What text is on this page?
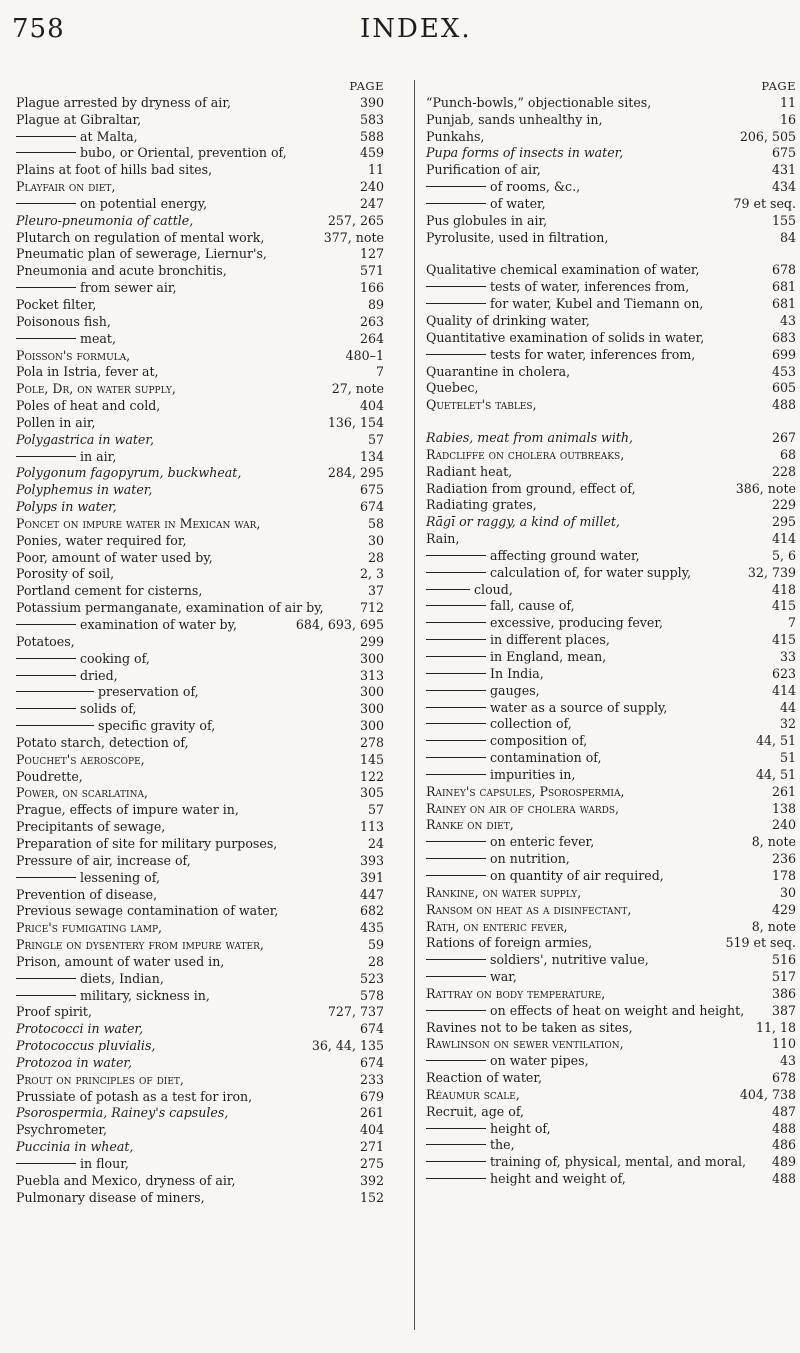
758	INDEX.
PAGE
Plague arrested by dryness of air,	390
Plague at Gibraltar,	583
at Malta,	588
bubo, or Oriental, prevention of,	459
Plains at foot of hills bad sites,	11
Playfair on diet,	240
on potential energy,	247
Pleuro-pneumonia of cattle,	257, 265
Plutarch on regulation of mental work,	377, note
Pneumatic plan of sewerage, Liernur's,	127
Pneumonia and acute bronchitis,	571
from sewer air,	166
Pocket filter,	89
Poisonous fish,	263
meat,	264
Poisson's formula,	480–1
Pola in Istria, fever at,	7
Pole, Dr, on water supply,	27, note
Poles of heat and cold,	404
Pollen in air,	136, 154
Polygastrica in water,	57
in air,	134
Polygonum fagopyrum, buckwheat,	284, 295
Polyphemus in water,	675
Polyps in water,	674
Poncet on impure water in Mexican war,	58
Ponies, water required for,	30
Poor, amount of water used by,	28
Porosity of soil,	2, 3
Portland cement for cisterns,	37
Potassium permanganate, examination of air by,	712
examination of water by,	684, 693, 695
Potatoes,	299
cooking of,	300
dried,	313
preservation of,	300
solids of,	300
specific gravity of,	300
Potato starch, detection of,	278
Pouchet's aeroscope,	145
Poudrette,	122
Power, on scarlatina,	305
Prague, effects of impure water in,	57
Precipitants of sewage,	113
Preparation of site for military purposes,	24
Pressure of air, increase of,	393
lessening of,	391
Prevention of disease,	447
Previous sewage contamination of water,	682
Price's fumigating lamp,	435
Pringle on dysentery from impure water,	59
Prison, amount of water used in,	28
diets, Indian,	523
military, sickness in,	578
Proof spirit,	727, 737
Protococci in water,	674
Protococcus pluvialis,	36, 44, 135
Protozoa in water,	674
Prout on principles of diet,	233
Prussiate of potash as a test for iron,	679
Psorospermia, Rainey's capsules,	261
Psychrometer,	404
Puccinia in wheat,	271
in flour,	275
Puebla and Mexico, dryness of air,	392
Pulmonary disease of miners,	152
PAGE
“Punch-bowls,” objectionable sites,	11
Punjab, sands unhealthy in,	16
Punkahs,	206, 505
Pupa forms of insects in water,	675
Purification of air,	431
of rooms, &c.,	434
of water,	79 et seq.
Pus globules in air,	155
Pyrolusite, used in filtration,	84
Qualitative chemical examination of water,	678
tests of water, inferences from,	681
for water, Kubel and Tiemann on,	681
Quality of drinking water,	43
Quantitative examination of solids in water,	683
tests for water, inferences from,	699
Quarantine in cholera,	453
Quebec,	605
Quetelet's tables,	488
Rabies, meat from animals with,	267
Radcliffe on cholera outbreaks,	68
Radiant heat,	228
Radiation from ground, effect of,	386, note
Radiating grates,	229
Rāgī or raggy, a kind of millet,	295
Rain,	414
affecting ground water,	5, 6
calculation of, for water supply,	32, 739
cloud,	418
fall, cause of,	415
excessive, producing fever,	7
in different places,	415
in England, mean,	33
In India,	623
gauges,	414
water as a source of supply,	44
collection of,	32
composition of,	44, 51
contamination of,	51
impurities in,	44, 51
Rainey's capsules, Psorospermia,	261
Rainey on air of cholera wards,	138
Ranke on diet,	240
on enteric fever,	8, note
on nutrition,	236
on quantity of air required,	178
Rankine, on water supply,	30
Ransom on heat as a disinfectant,	429
Rath, on enteric fever,	8, note
Rations of foreign armies,	519 et seq.
soldiers', nutritive value,	516
war,	517
Rattray on body temperature,	386
on effects of heat on weight and height,	387
Ravines not to be taken as sites,	11, 18
Rawlinson on sewer ventilation,	110
on water pipes,	43
Reaction of water,	678
Réaumur scale,	404, 738
Recruit, age of,	487
height of,	488
the,	486
training of, physical, mental, and moral,	489
height and weight of,	488
